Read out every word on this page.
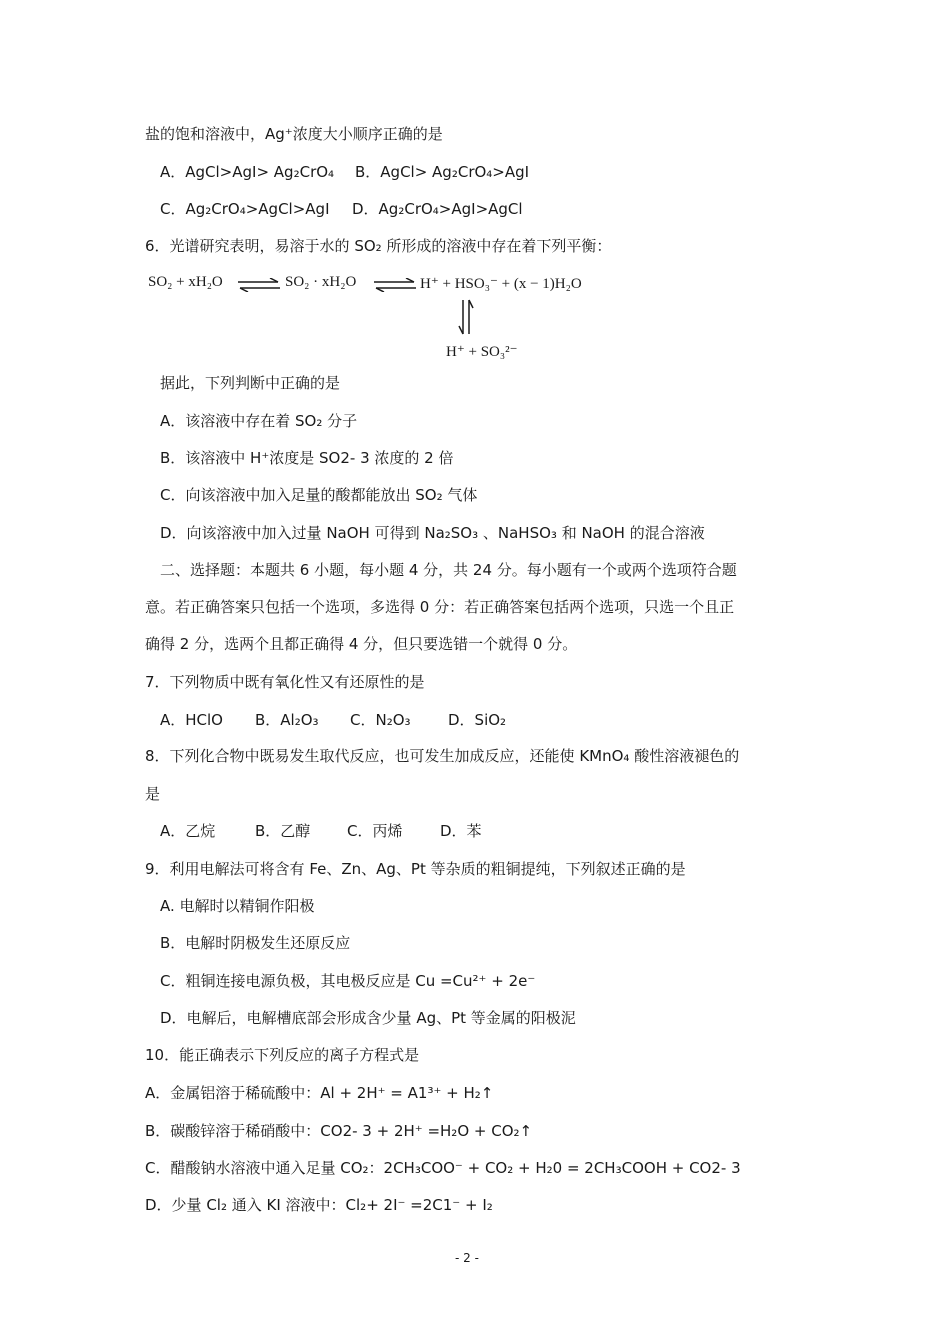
盐的饱和溶液中，Ag⁺浓度大小顺序正确的是
A．AgCl>AgI> Ag₂CrO₄ B．AgCl> Ag₂CrO₄>AgI
C．Ag₂CrO₄>AgCl>AgI D．Ag₂CrO₄>AgI>AgCl
6．光谱研究表明，易溶于水的 SO₂ 所形成的溶液中存在着下列平衡：
SO₂ + xH₂O ⇌ SO₂ · xH₂O ⇌ H⁺ + HSO₃⁻ + (x − 1)H₂O
H⁺ + SO₃²⁻
据此，下列判断中正确的是
A．该溶液中存在着 SO₂ 分子
B．该溶液中 H⁺浓度是 SO2- 3 浓度的 2 倍
C．向该溶液中加入足量的酸都能放出 SO₂ 气体
D．向该溶液中加入过量 NaOH 可得到 Na₂SO₃ 、NaHSO₃ 和 NaOH 的混合溶液
二、选择题：本题共 6 小题，每小题 4 分，共 24 分。每小题有一个或两个选项符合题
意。若正确答案只包括一个选项，多选得 0 分：若正确答案包括两个选项，只选一个且正
确得 2 分，选两个且都正确得 4 分，但只要选错一个就得 0 分。
7．下列物质中既有氧化性又有还原性的是
A．HClO B．Al₂O₃ C．N₂O₃ D．SiO₂
8．下列化合物中既易发生取代反应，也可发生加成反应，还能使 KMnO₄ 酸性溶液褪色的
是
A．乙烷	B．乙醇 C．丙烯	D．苯
9．利用电解法可将含有 Fe、Zn、Ag、Pt 等杂质的粗铜提纯，下列叙述正确的是
A. 电解时以精铜作阳极
B．电解时阴极发生还原反应
C．粗铜连接电源负极，其电极反应是 Cu =Cu²⁺ + 2e⁻
D．电解后，电解槽底部会形成含少量 Ag、Pt 等金属的阳极泥
10．能正确表示下列反应的离子方程式是
A．金属铝溶于稀硫酸中：Al + 2H⁺ = A1³⁺ + H₂↑
B．碳酸锌溶于稀硝酸中：CO2- 3 + 2H⁺ =H₂O + CO₂↑
C．醋酸钠水溶液中通入足量 CO₂：2CH₃COO⁻ + CO₂ + H₂0 = 2CH₃COOH + CO2- 3
D．少量 Cl₂ 通入 KI 溶液中：Cl₂+ 2I⁻ =2C1⁻ + I₂
- 2 -
